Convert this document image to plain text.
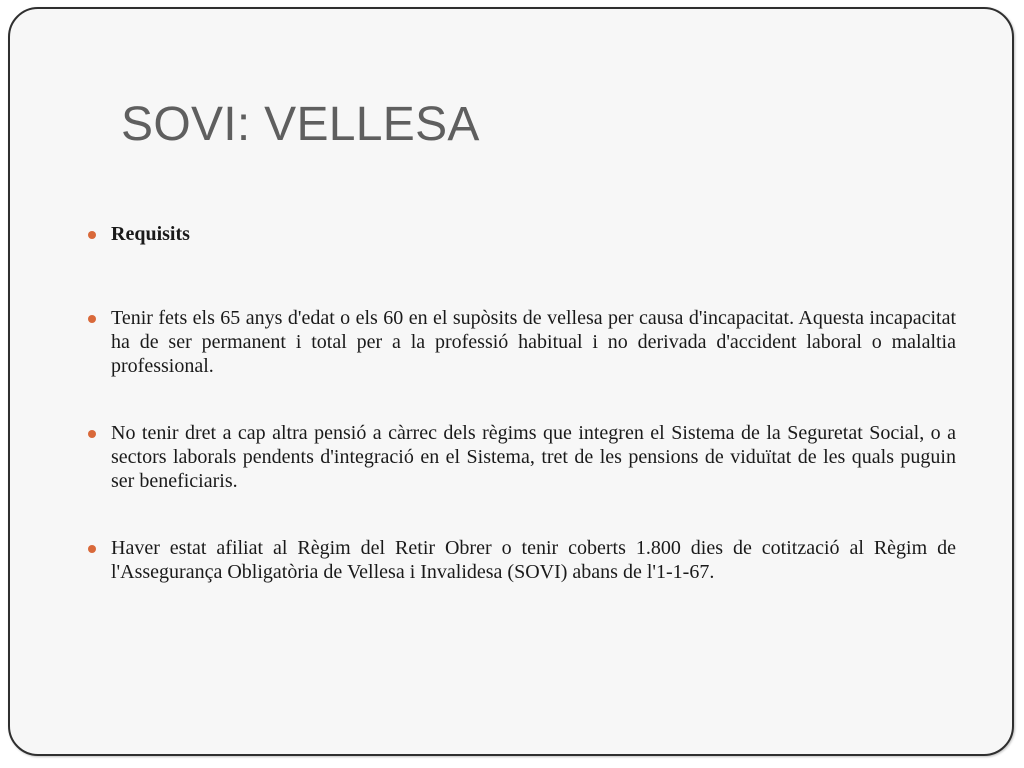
SOVI: VELLESA
Requisits
Tenir fets els 65 anys d'edat o els 60 en el supòsits de vellesa per causa d'incapacitat. Aquesta incapacitat ha de ser permanent i total per a la professió habitual i no derivada d'accident laboral o malaltia professional.
No tenir dret a cap altra pensió a càrrec dels règims que integren el Sistema de la Seguretat Social, o a sectors laborals pendents d'integració en el Sistema, tret de les pensions de viduïtat de les quals puguin ser beneficiaris.
Haver estat afiliat al Règim del Retir Obrer o tenir coberts 1.800 dies de cotització al Règim de l'Assegurança Obligatòria de Vellesa i Invalidesa (SOVI) abans de l'1-1-67.
